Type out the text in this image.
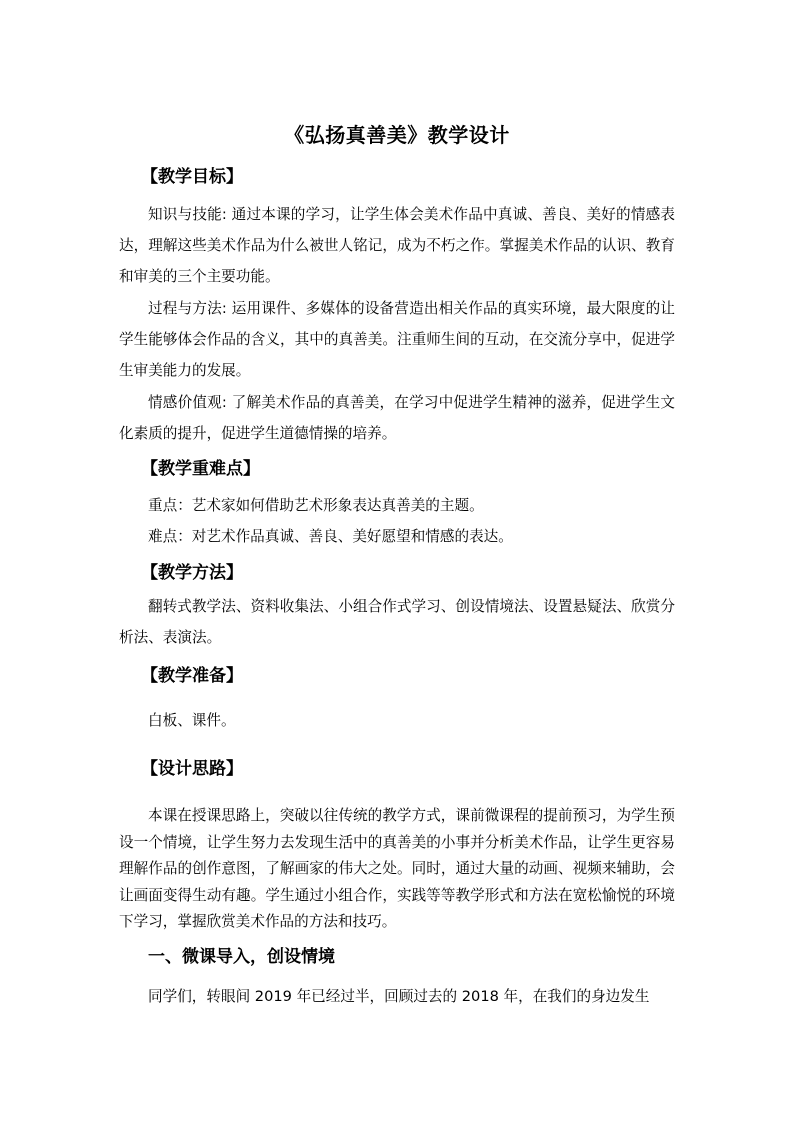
《弘扬真善美》教学设计
【教学目标】
知识与技能: 通过本课的学习，让学生体会美术作品中真诚、善良、美好的情感表达，理解这些美术作品为什么被世人铭记，成为不朽之作。掌握美术作品的认识、教育和审美的三个主要功能。
过程与方法: 运用课件、多媒体的设备营造出相关作品的真实环境，最大限度的让学生能够体会作品的含义，其中的真善美。注重师生间的互动，在交流分享中，促进学生审美能力的发展。
情感价值观: 了解美术作品的真善美，在学习中促进学生精神的滋养，促进学生文化素质的提升，促进学生道德情操的培养。
【教学重难点】
重点：艺术家如何借助艺术形象表达真善美的主题。
难点：对艺术作品真诚、善良、美好愿望和情感的表达。
【教学方法】
翻转式教学法、资料收集法、小组合作式学习、创设情境法、设置悬疑法、欣赏分析法、表演法。
【教学准备】
白板、课件。
【设计思路】
本课在授课思路上，突破以往传统的教学方式，课前微课程的提前预习，为学生预设一个情境，让学生努力去发现生活中的真善美的小事并分析美术作品，让学生更容易理解作品的创作意图，了解画家的伟大之处。同时，通过大量的动画、视频来辅助，会让画面变得生动有趣。学生通过小组合作，实践等等教学形式和方法在宽松愉悦的环境下学习，掌握欣赏美术作品的方法和技巧。
一、微课导入，创设情境
同学们，转眼间 2019 年已经过半，回顾过去的 2018 年，在我们的身边发生
